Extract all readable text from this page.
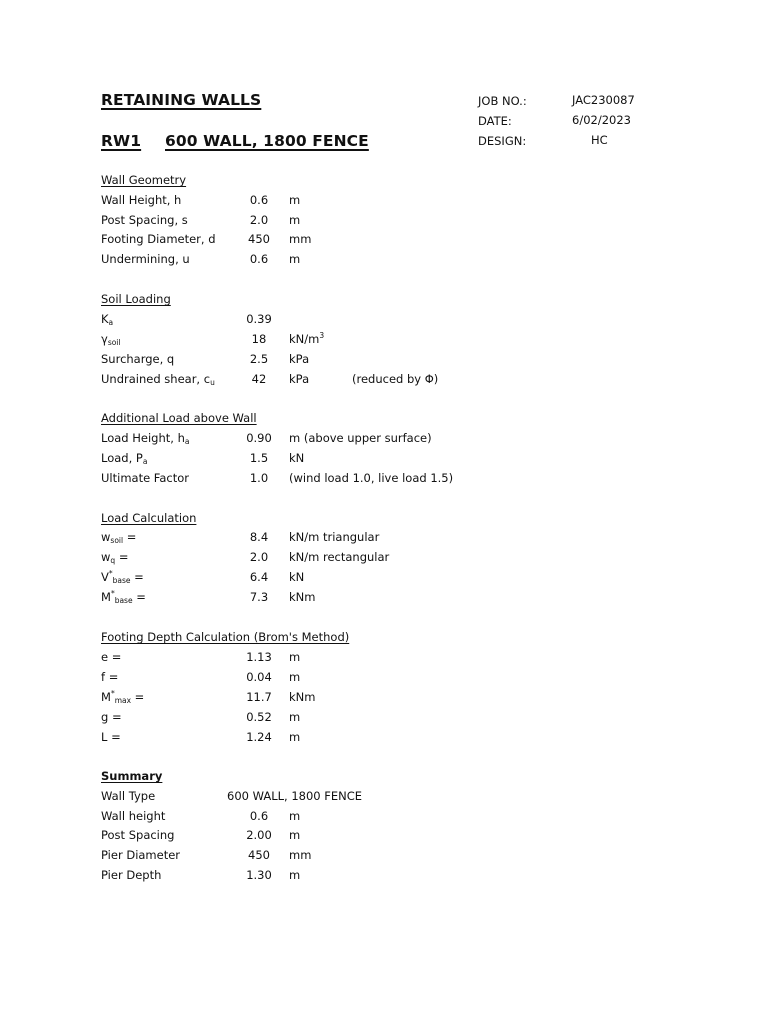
RETAINING WALLS
RW1 600 WALL, 1800 FENCE
JOB NO.:	JAC230087
DATE:	6/02/2023
DESIGN:	HC
Wall Geometry
Wall Height, h	0.6	m
Post Spacing, s	2.0	m
Footing Diameter, d	450	mm
Undermining, u	0.6	m
Soil Loading
$K_a$	0.39
$\gamma_{soil}$	18	$kN/m^3$
Surcharge, q	2.5	kPa
Undrained shear, $c_u$	42	kPa	(reduced by Φ)
Additional Load above Wall
Load Height, $h_a$	0.90	m (above upper surface)
Load, $P_a$	1.5	kN
Ultimate Factor	1.0	(wind load 1.0, live load 1.5)
Load Calculation
$w_{soil}$ =	8.4	kN/m triangular
$w_q$ =	2.0	kN/m rectangular
$V^*_{base}$ =	6.4	kN
$M^*_{base}$ =	7.3	kNm
Footing Depth Calculation (Brom's Method)
e =	1.13	m
f =	0.04	m
$M^*_{max}$ =	11.7	kNm
g =	0.52	m
L =	1.24	m
Summary
Wall Type	600 WALL, 1800 FENCE
Wall height	0.6	m
Post Spacing	2.00	m
Pier Diameter	450	mm
Pier Depth	1.30	m
